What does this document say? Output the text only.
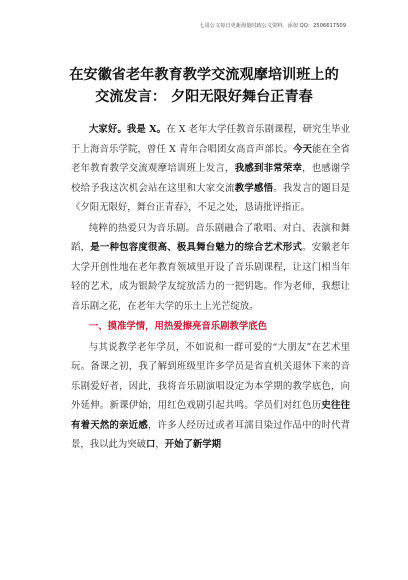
七哥公文每日更新海量时政公文资料，添加 QQ：2506617509
在安徽省老年教育教学交流观摩培训班上的
交流发言： 夕阳无限好舞台正青春

大家好。我是 X。在 X 老年大学任教音乐剧课程，研究生毕业于上海音乐学院，曾任 X 青年合唱团女高音声部长。今天能在全省老年教育教学交流观摩培训班上发言，我感到非常荣幸，也感谢学校给予我这次机会站在这里和大家交流教学感悟。我发言的题目是《夕阳无限好，舞台正青春》，不足之处，恳请批评指正。

纯粹的热爱只为音乐剧。音乐剧融合了歌唱、对白、表演和舞蹈，是一种包容度很高、极具舞台魅力的综合艺术形式。安徽老年大学开创性地在老年教育领域里开设了音乐剧课程，让这门相当年轻的艺术，成为银龄学友绽放活力的一把钥匙。作为老师，我想让音乐剧之花，在老年大学的乐土上光芒绽放。

一、摸准学情，用热爱擦亮音乐剧教学底色

与其说教学老年学员，不如说和一群可爱的“大朋友”在艺术里玩。备课之初，我了解到班级里许多学员是省直机关退休下来的音乐剧爱好者，因此，我将音乐剧演唱设定为本学期的教学底色，向外延伸。新课伊始，用红色戏剧引起共鸣。学员们对红色历史往往有着天然的亲近感，许多人经历过或者耳濡目染过作品中的时代背景，我以此为突破口，开始了新学期
